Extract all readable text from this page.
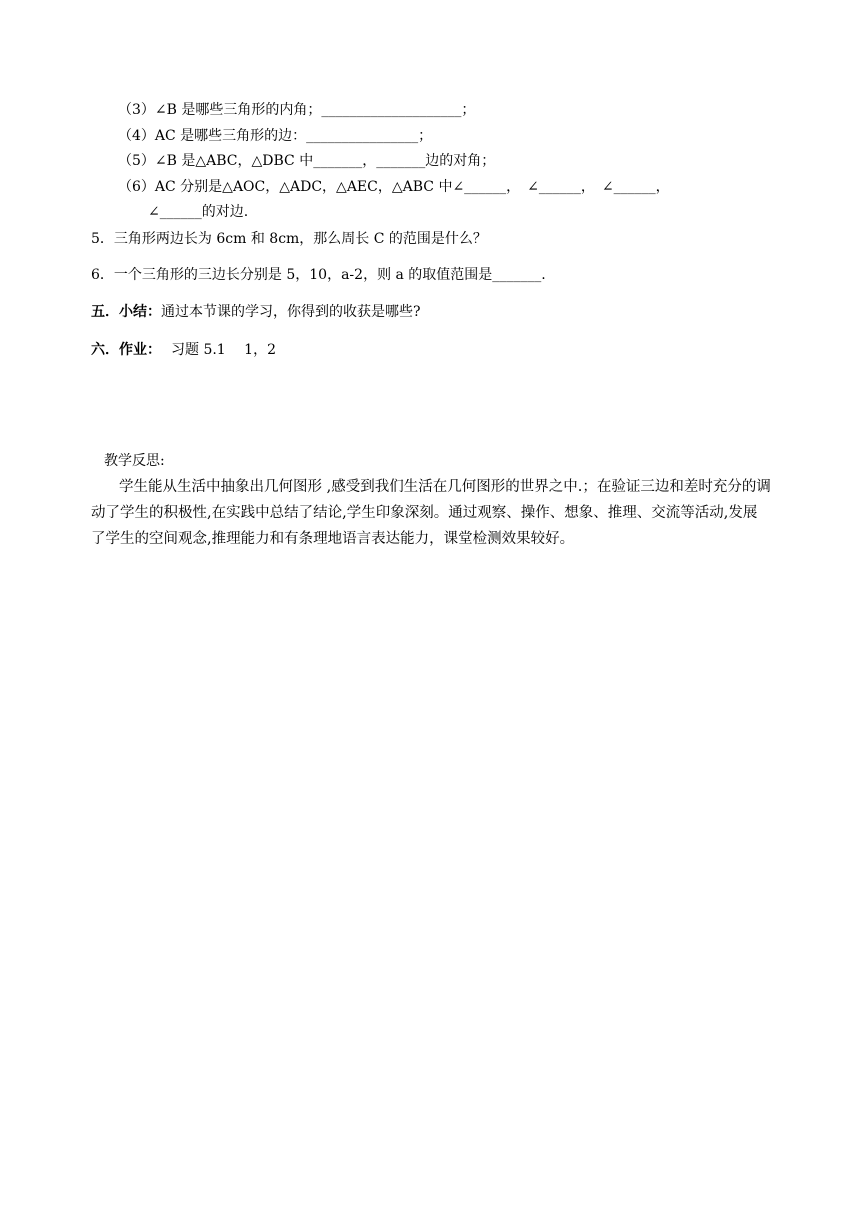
（3）∠B 是哪些三角形的内角；____________________；
（4）AC 是哪些三角形的边：________________；
（5）∠B 是△ABC，△DBC 中_______，_______边的对角；
（6）AC 分别是△AOC，△ADC，△AEC，△ABC 中∠______，　∠______，　∠______，
∠______的对边.
5．三角形两边长为 6cm 和 8cm，那么周长 C 的范围是什么？
6．一个三角形的三边长分别是 5，10，a-2，则 a 的取值范围是_______.
五．小结：通过本节课的学习，你得到的收获是哪些?
六．作业： 习题 5.1　 1，2
教学反思:
学生能从生活中抽象出几何图形 ,感受到我们生活在几何图形的世界之中.；在验证三边和差时充分的调动了学生的积极性,在实践中总结了结论,学生印象深刻。通过观察、操作、想象、推理、交流等活动,发展了学生的空间观念,推理能力和有条理地语言表达能力，课堂检测效果较好。
